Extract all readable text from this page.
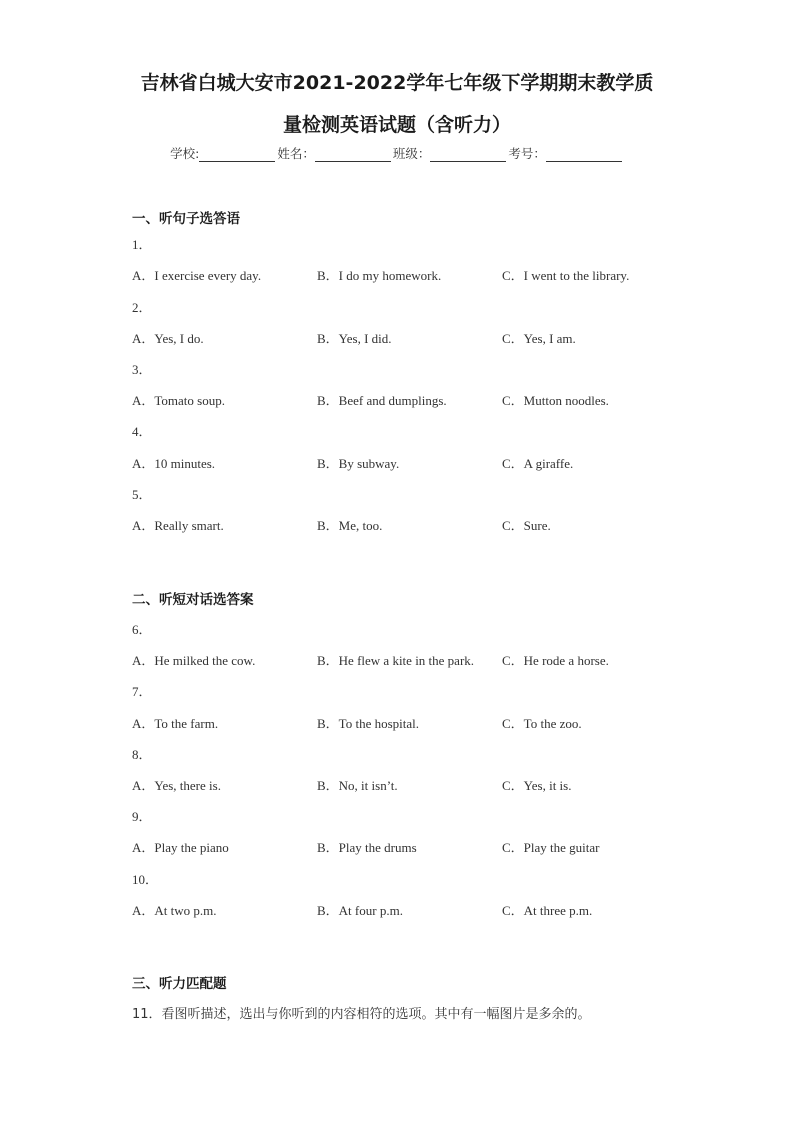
吉林省白城大安市2021-2022学年七年级下学期期末教学质
量检测英语试题（含听力）
学校:	姓名：	班级：	考号：
一、听句子选答语
1．
A．I exercise every day.	B．I do my homework.	C．I went to the library.
2．
A．Yes, I do.	B．Yes, I did.	C．Yes, I am.
3．
A．Tomato soup.	B．Beef and dumplings.	C．Mutton noodles.
4．
A．10 minutes.	B．By subway.	C．A giraffe.
5．
A．Really smart.	B．Me, too.	C．Sure.
二、听短对话选答案
6．
A．He milked the cow.	B．He flew a kite in the park. C．He rode a horse.
7．
A．To the farm.	B．To the hospital.	C．To the zoo.
8．
A．Yes, there is.	B．No, it isn’t.	C．Yes, it is.
9．
A．Play the piano	B．Play the drums	C．Play the guitar
10．
A．At two p.m.	B．At four p.m.	C．At three p.m.
三、听力匹配题
11．看图听描述，选出与你听到的内容相符的选项。其中有一幅图片是多余的。
